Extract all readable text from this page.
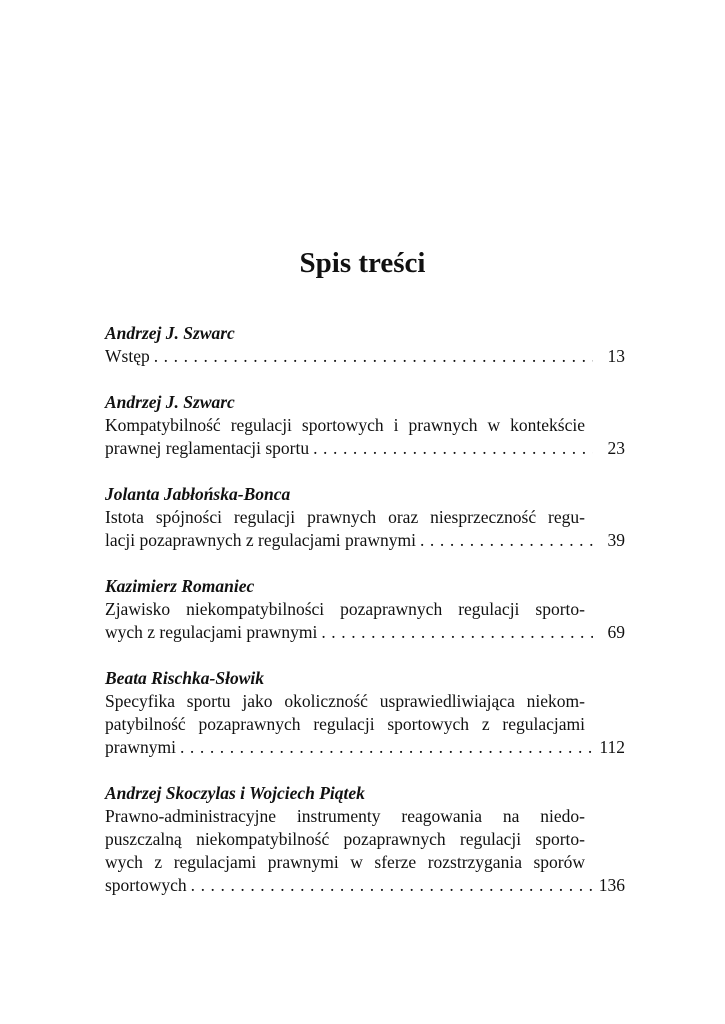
Spis treści
Andrzej J. Szwarc
Wstęp . . .	13
Andrzej J. Szwarc
Kompatybilność regulacji sportowych i prawnych w kontekście
prawnej reglamentacji sportu . . .	23
Jolanta Jabłońska-Bonca
Istota spójności regulacji prawnych oraz niesprzeczność regu-
lacji pozaprawnych z regulacjami prawnymi . . .	39
Kazimierz Romaniec
Zjawisko niekompatybilności pozaprawnych regulacji sporto-
wych z regulacjami prawnymi . . .	69
Beata Rischka-Słowik
Specyfika sportu jako okoliczność usprawiedliwiająca niekom-
patybilność pozaprawnych regulacji sportowych z regulacjami
prawnymi . . .	112
Andrzej Skoczylas i Wojciech Piątek
Prawno-administracyjne instrumenty reagowania na niedo-
puszczalną niekompatybilność pozaprawnych regulacji sporto-
wych z regulacjami prawnymi w sferze rozstrzygania sporów
sportowych . . .	136
